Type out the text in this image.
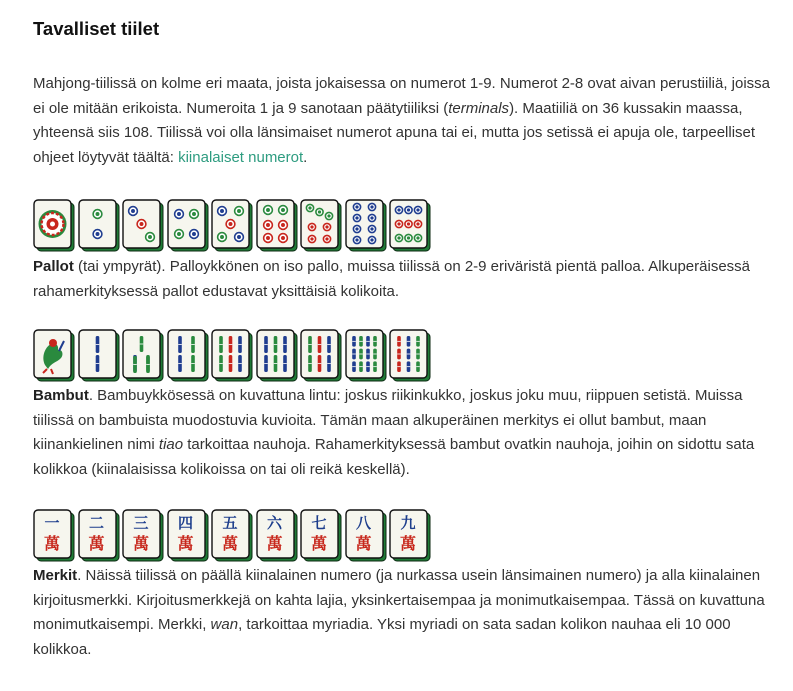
Tavalliset tiilet

Mahjong-tiilissä on kolme eri maata, joista jokaisessa on numerot 1-9. Numerot 2-8 ovat aivan perustiiliä, joissa ei ole mitään erikoista. Numeroita 1 ja 9 sanotaan päätytiiliksi (terminals). Maatiiliä on 36 kussakin maassa, yhteensä siis 108. Tiilissä voi olla länsimaiset numerot apuna tai ei, mutta jos setissä ei apuja ole, tarpeelliset ohjeet löytyvät täältä: kiinalaiset numerot.

Pallot (tai ympyrät). Palloykkönen on iso pallo, muissa tiilissä on 2-9 eriväristä pientä palloa. Alkuperäisessä rahamerkityksessä pallot edustavat yksittäisiä kolikoita.

Bambut. Bambuykkösessä on kuvattuna lintu: joskus riikinkukko, joskus joku muu, riippuen setistä. Muissa tiilissä on bambuista muodostuvia kuvioita. Tämän maan alkuperäinen merkitys ei ollut bambut, maan kiinankielinen nimi tiao tarkoittaa nauhoja. Rahamerkityksessä bambut ovatkin nauhoja, joihin on sidottu sata kolikkoa (kiinalaisissa kolikoissa on tai oli reikä keskellä).

一
萬
二
萬
三
萬
四
萬
五
萬
六
萬
七
萬
八
萬
九
萬

Merkit. Näissä tiilissä on päällä kiinalainen numero (ja nurkassa usein länsimainen numero) ja alla kiinalainen kirjoitusmerkki. Kirjoitusmerkkejä on kahta lajia, yksinkertaisempaa ja monimutkaisempaa. Tässä on kuvattuna monimutkaisempi. Merkki, wan, tarkoittaa myriadia. Yksi myriadi on sata sadan kolikon nauhaa eli 10 000 kolikkoa.
